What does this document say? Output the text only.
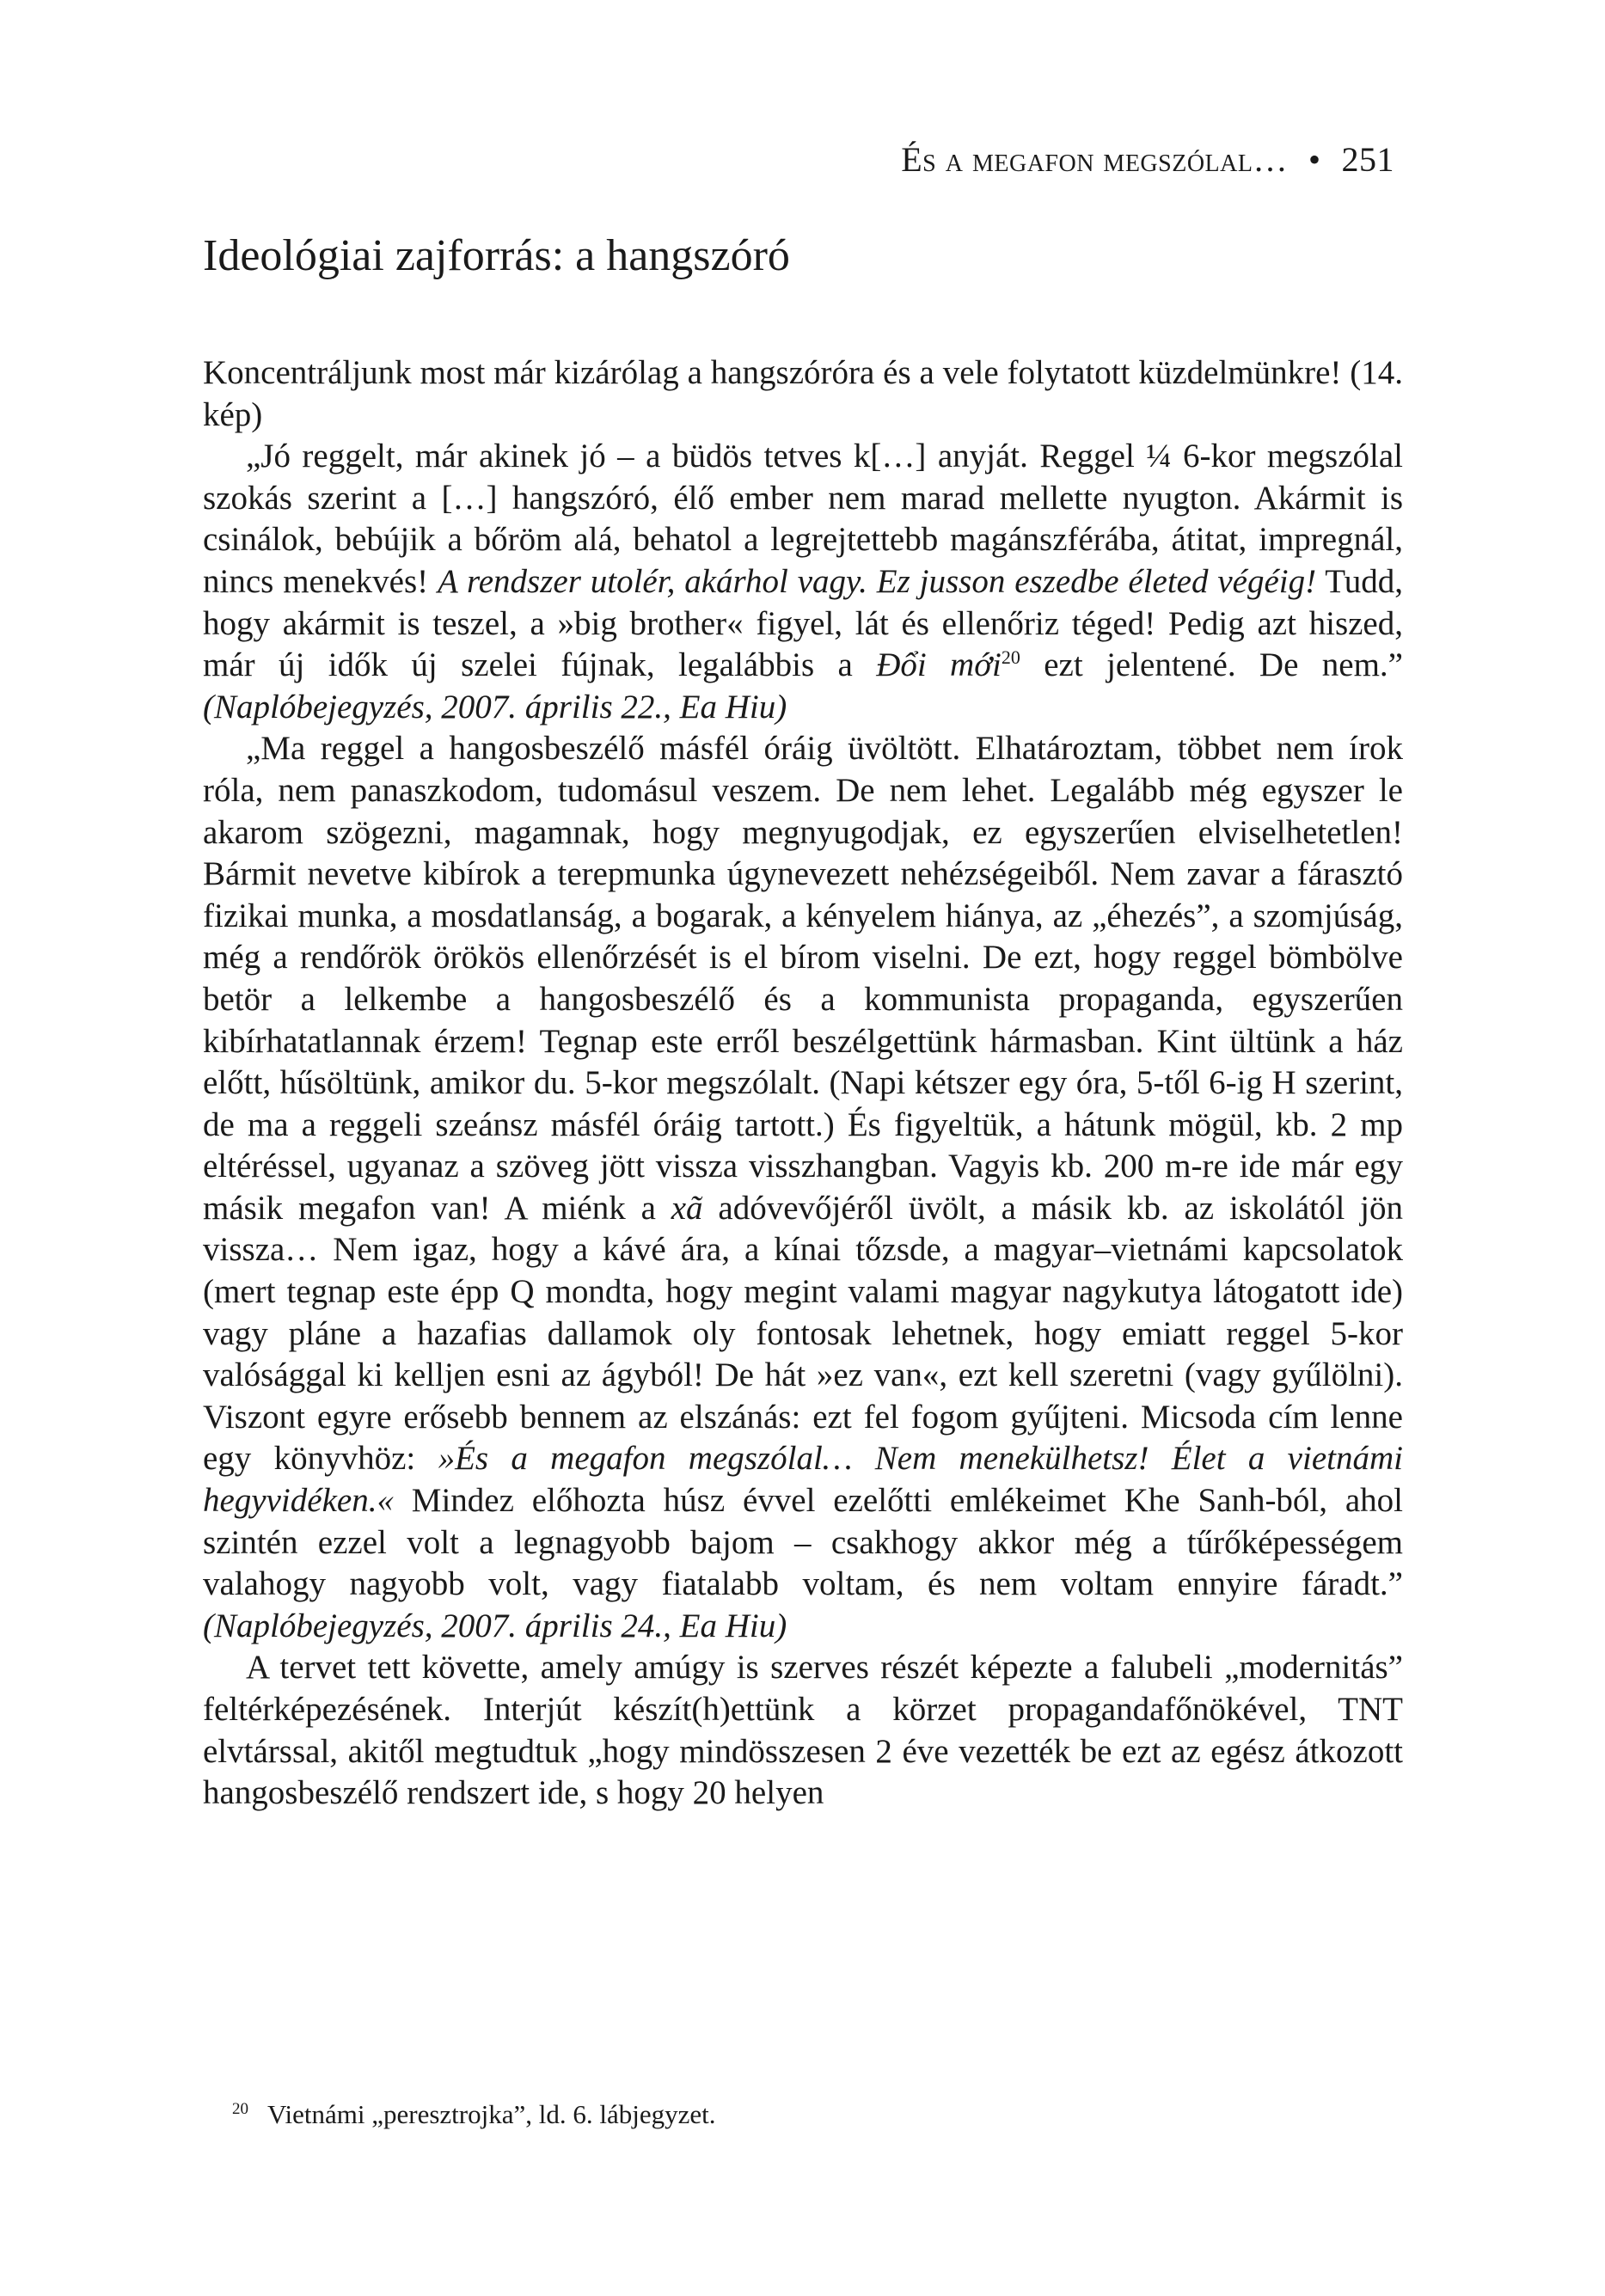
És a megafon megszólal… • 251
Ideológiai zajforrás: a hangszóró

Koncentráljunk most már kizárólag a hangszóróra és a vele folytatott küzdelmünkre! (14. kép)

„Jó reggelt, már akinek jó – a büdös tetves k[…] anyját. Reggel ¼ 6-kor megszólal szokás szerint a […] hangszóró, élő ember nem marad mellette nyugton. Akármit is csinálok, bebújik a bőröm alá, behatol a legrejtettebb magánszférába, átitat, impregnál, nincs menekvés! A rendszer utolér, akárhol vagy. Ez jusson eszedbe életed végéig! Tudd, hogy akármit is teszel, a »big brother« figyel, lát és ellenőriz téged! Pedig azt hiszed, már új idők új szelei fújnak, legalábbis a Đổi mới$^{20}$ ezt jelentené. De nem.” (Naplóbejegyzés, 2007. április 22., Ea Hiu)

„Ma reggel a hangosbeszélő másfél óráig üvöltött. Elhatároztam, többet nem írok róla, nem panaszkodom, tudomásul veszem. De nem lehet. Legalább még egyszer le akarom szögezni, magamnak, hogy megnyugodjak, ez egyszerűen elviselhetetlen! Bármit nevetve kibírok a terepmunka úgynevezett nehézségeiből. Nem zavar a fárasztó fizikai munka, a mosdatlanság, a bogarak, a kényelem hiánya, az „éhezés”, a szomjúság, még a rendőrök örökös ellenőrzését is el bírom viselni. De ezt, hogy reggel bömbölve betör a lelkembe a hangosbeszélő és a kommunista propaganda, egyszerűen kibírhatatlannak érzem! Tegnap este erről beszélgettünk hármasban. Kint ültünk a ház előtt, hűsöltünk, amikor du. 5-kor megszólalt. (Napi kétszer egy óra, 5-től 6-ig H szerint, de ma a reggeli szeánsz másfél óráig tartott.) És figyeltük, a hátunk mögül, kb. 2 mp eltéréssel, ugyanaz a szöveg jött vissza visszhangban. Vagyis kb. 200 m-re ide már egy másik megafon van! A miénk a xã adóvevőjéről üvölt, a másik kb. az iskolától jön vissza… Nem igaz, hogy a kávé ára, a kínai tőzsde, a magyar–vietnámi kapcsolatok (mert tegnap este épp Q mondta, hogy megint valami magyar nagykutya látogatott ide) vagy pláne a hazafias dallamok oly fontosak lehetnek, hogy emiatt reggel 5-kor valósággal ki kelljen esni az ágyból! De hát »ez van«, ezt kell szeretni (vagy gyűlölni). Viszont egyre erősebb bennem az elszánás: ezt fel fogom gyűjteni. Micsoda cím lenne egy könyvhöz: »És a megafon megszólal… Nem menekülhetsz! Élet a vietnámi hegyvidéken.« Mindez előhozta húsz évvel ezelőtti emlékeimet Khe Sanh-ból, ahol szintén ezzel volt a legnagyobb bajom – csakhogy akkor még a tűrőképességem valahogy nagyobb volt, vagy fiatalabb voltam, és nem voltam ennyire fáradt.” (Naplóbejegyzés, 2007. április 24., Ea Hiu)

A tervet tett követte, amely amúgy is szerves részét képezte a falubeli „modernitás” feltérképezésének. Interjút készít(h)ettünk a körzet propagandafőnökével, TNT elvtárssal, akitől megtudtuk „hogy mindösszesen 2 éve vezették be ezt az egész átkozott hangosbeszélő rendszert ide, s hogy 20 helyen

$^{20}$ Vietnámi „peresztrojka”, ld. 6. lábjegyzet.
